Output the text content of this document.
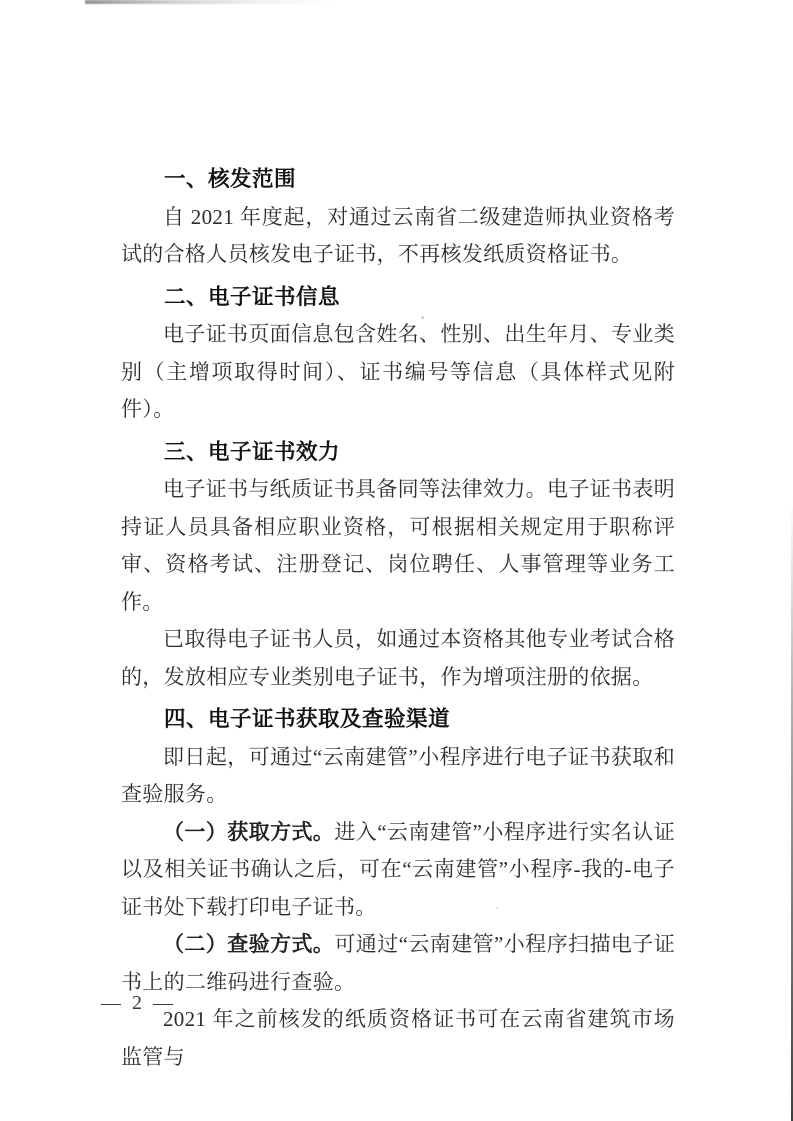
一、核发范围

自 2021 年度起，对通过云南省二级建造师执业资格考试的合格人员核发电子证书，不再核发纸质资格证书。

二、电子证书信息

电子证书页面信息包含姓名、性别、出生年月、专业类别（主增项取得时间）、证书编号等信息（具体样式见附件）。

三、电子证书效力

电子证书与纸质证书具备同等法律效力。电子证书表明持证人员具备相应职业资格，可根据相关规定用于职称评审、资格考试、注册登记、岗位聘任、人事管理等业务工作。

已取得电子证书人员，如通过本资格其他专业考试合格的，发放相应专业类别电子证书，作为增项注册的依据。

四、电子证书获取及查验渠道

即日起，可通过“云南建管”小程序进行电子证书获取和查验服务。

（一）获取方式。进入“云南建管”小程序进行实名认证以及相关证书确认之后，可在“云南建管”小程序-我的-电子证书处下载打印电子证书。

（二）查验方式。可通过“云南建管”小程序扫描电子证书上的二维码进行查验。

2021 年之前核发的纸质资格证书可在云南省建筑市场监管与

— 2 —
